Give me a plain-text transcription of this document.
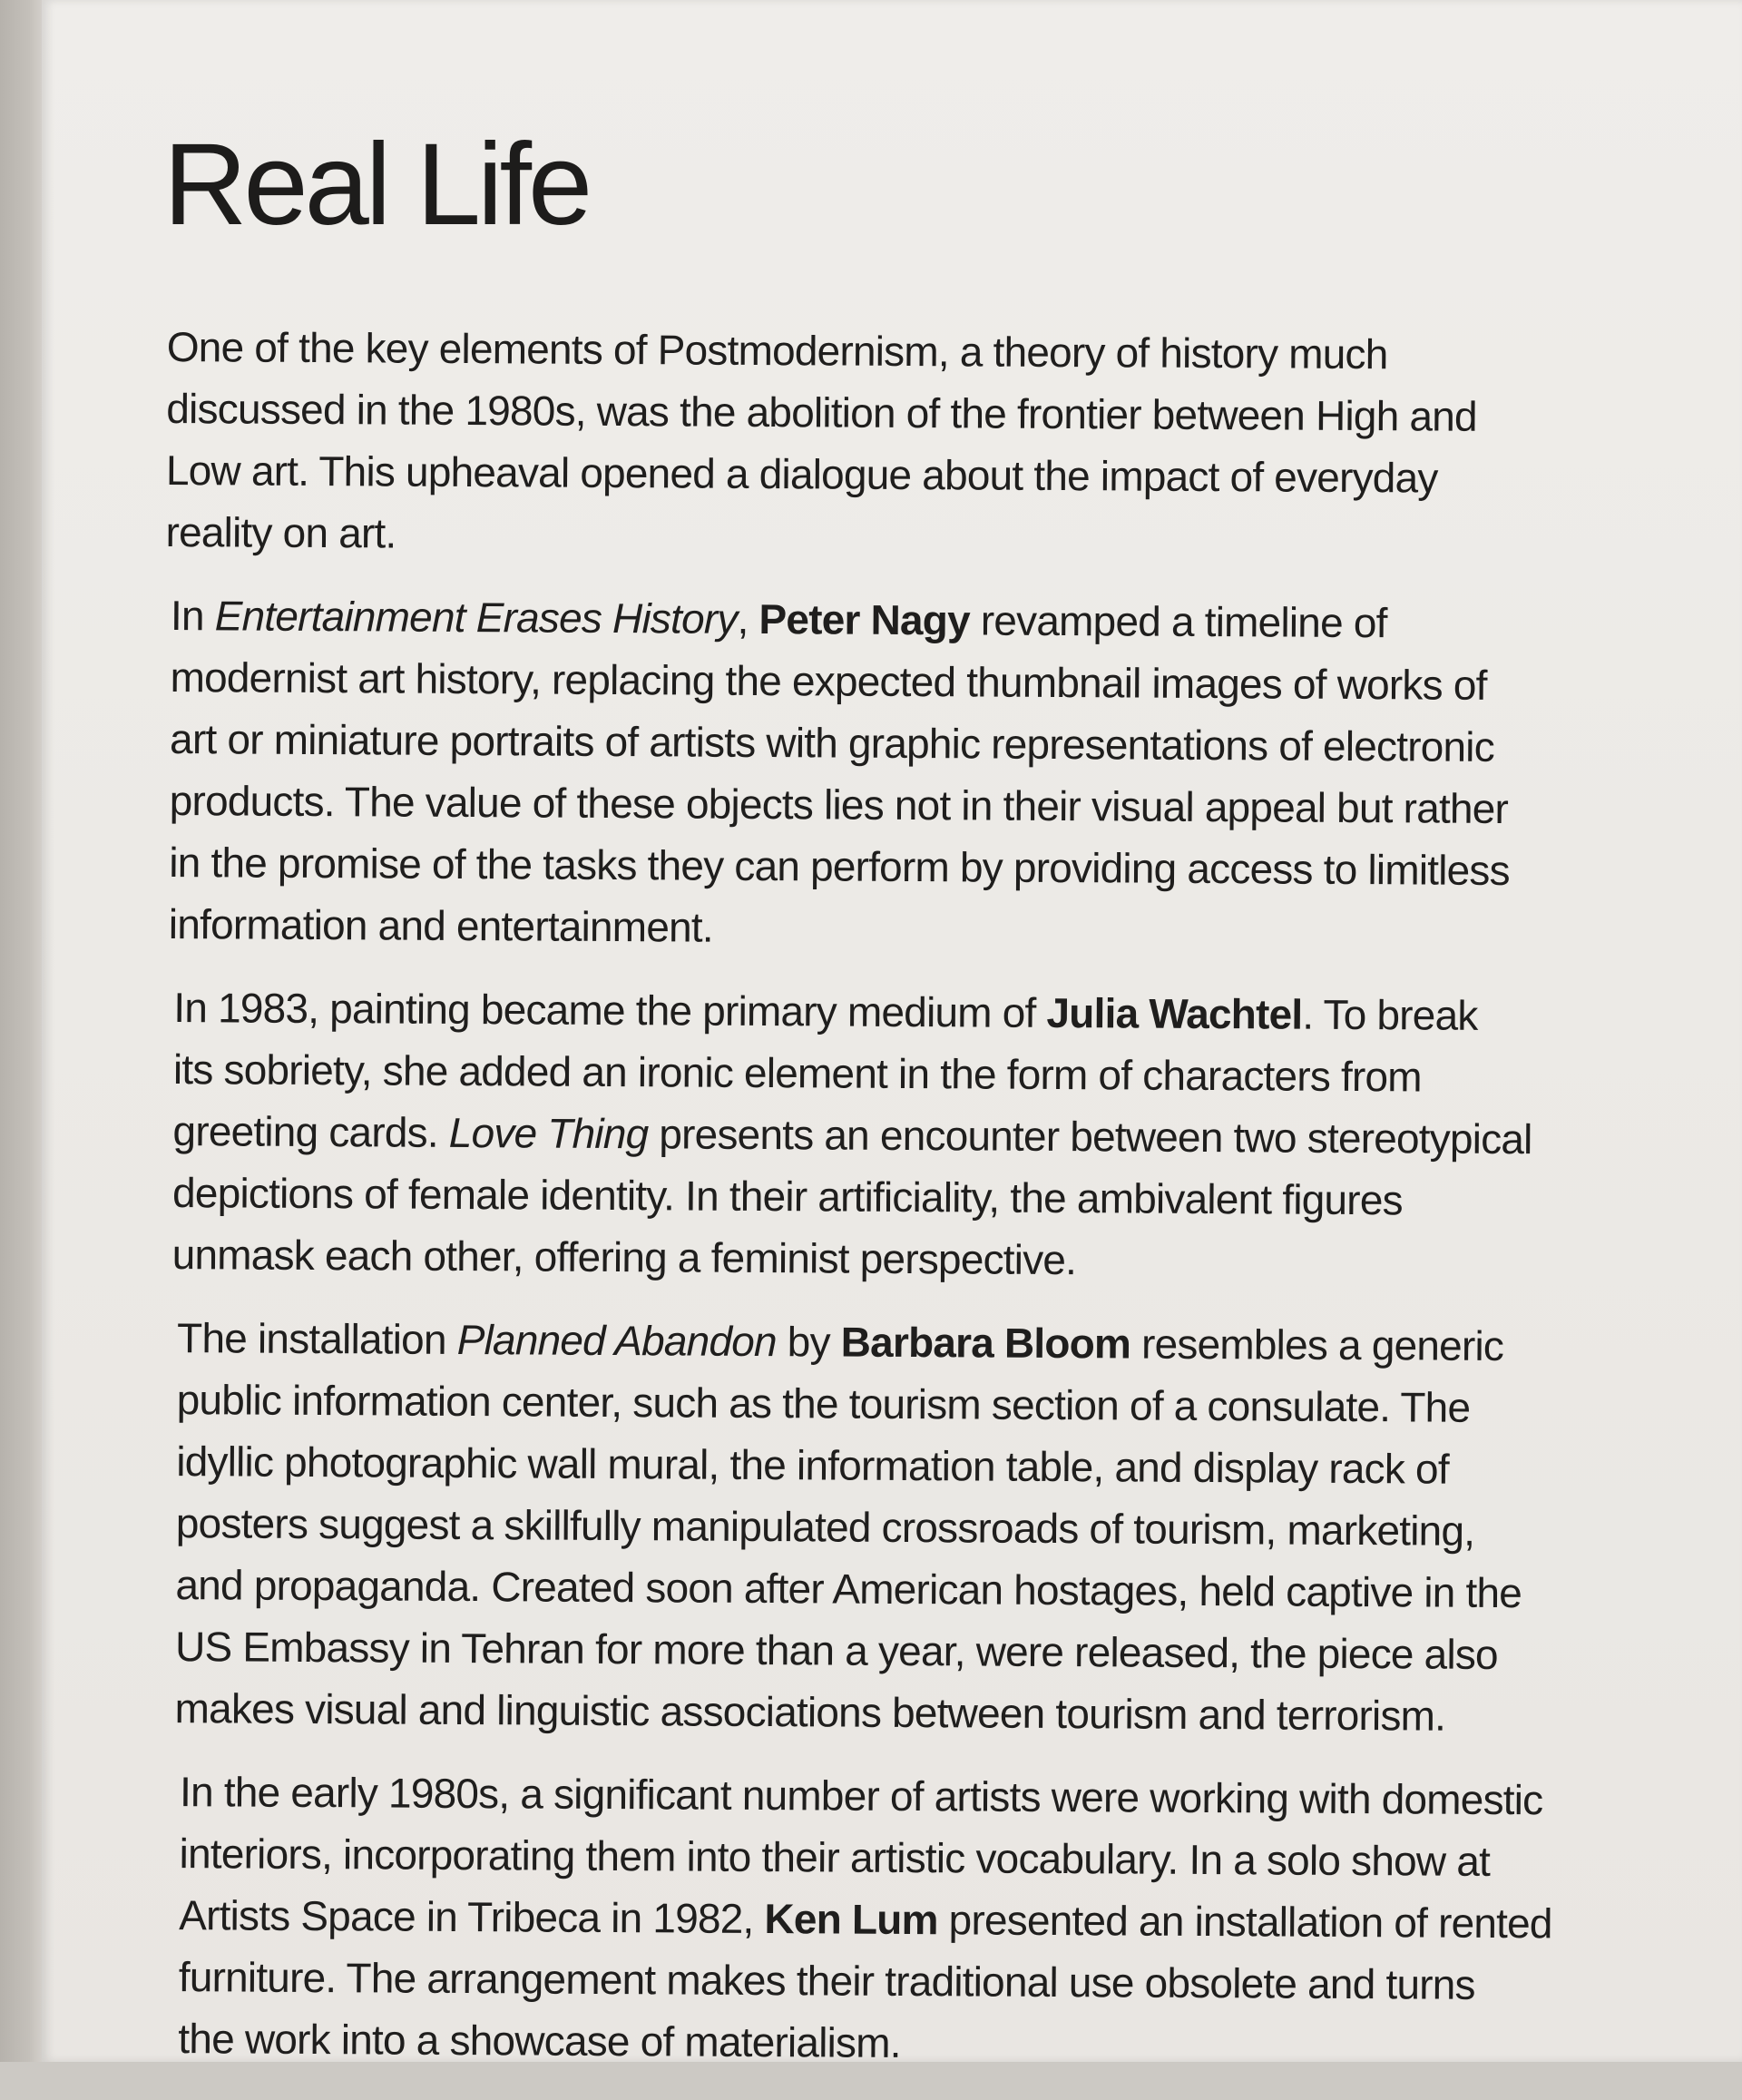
Real Life

One of the key elements of Postmodernism, a theory of history much
discussed in the 1980s, was the abolition of the frontier between High and
Low art. This upheaval opened a dialogue about the impact of everyday
reality on art.

In Entertainment Erases History, Peter Nagy revamped a timeline of
modernist art history, replacing the expected thumbnail images of works of
art or miniature portraits of artists with graphic representations of electronic
products. The value of these objects lies not in their visual appeal but rather
in the promise of the tasks they can perform by providing access to limitless
information and entertainment.

In 1983, painting became the primary medium of Julia Wachtel. To break
its sobriety, she added an ironic element in the form of characters from
greeting cards. Love Thing presents an encounter between two stereotypical
depictions of female identity. In their artificiality, the ambivalent figures
unmask each other, offering a feminist perspective.

The installation Planned Abandon by Barbara Bloom resembles a generic
public information center, such as the tourism section of a consulate. The
idyllic photographic wall mural, the information table, and display rack of
posters suggest a skillfully manipulated crossroads of tourism, marketing,
and propaganda. Created soon after American hostages, held captive in the
US Embassy in Tehran for more than a year, were released, the piece also
makes visual and linguistic associations between tourism and terrorism.

In the early 1980s, a significant number of artists were working with domestic
interiors, incorporating them into their artistic vocabulary. In a solo show at
Artists Space in Tribeca in 1982, Ken Lum presented an installation of rented
furniture. The arrangement makes their traditional use obsolete and turns
the work into a showcase of materialism.
